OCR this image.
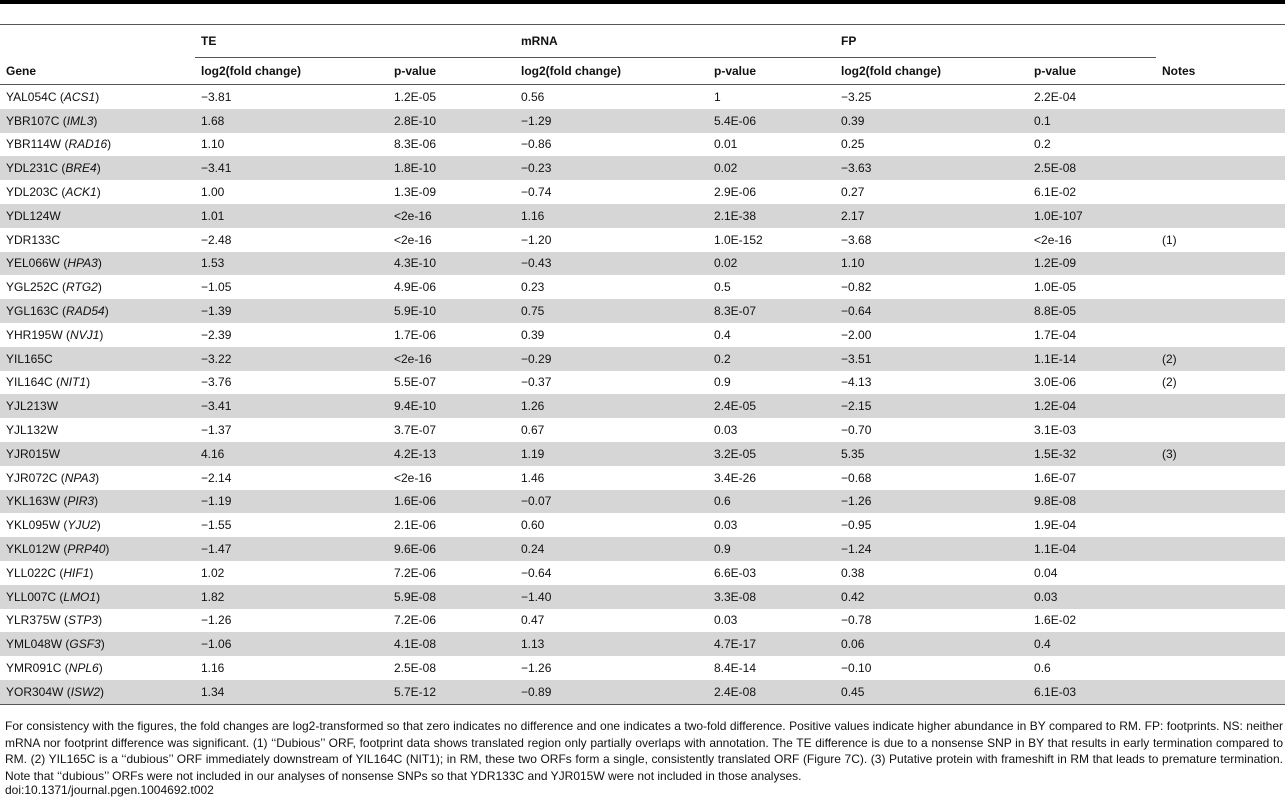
	TE		mRNA		FP		
Gene	log2(fold change)	p-value	log2(fold change)	p-value	log2(fold change)	p-value	Notes
YAL054C (ACS1)	−3.81	1.2E-05	0.56	1	−3.25	2.2E-04	
YBR107C (IML3)	1.68	2.8E-10	−1.29	5.4E-06	0.39	0.1	
YBR114W (RAD16)	1.10	8.3E-06	−0.86	0.01	0.25	0.2	
YDL231C (BRE4)	−3.41	1.8E-10	−0.23	0.02	−3.63	2.5E-08	
YDL203C (ACK1)	1.00	1.3E-09	−0.74	2.9E-06	0.27	6.1E-02	
YDL124W	1.01	<2e-16	1.16	2.1E-38	2.17	1.0E-107	
YDR133C	−2.48	<2e-16	−1.20	1.0E-152	−3.68	<2e-16	(1)
YEL066W (HPA3)	1.53	4.3E-10	−0.43	0.02	1.10	1.2E-09	
YGL252C (RTG2)	−1.05	4.9E-06	0.23	0.5	−0.82	1.0E-05	
YGL163C (RAD54)	−1.39	5.9E-10	0.75	8.3E-07	−0.64	8.8E-05	
YHR195W (NVJ1)	−2.39	1.7E-06	0.39	0.4	−2.00	1.7E-04	
YIL165C	−3.22	<2e-16	−0.29	0.2	−3.51	1.1E-14	(2)
YIL164C (NIT1)	−3.76	5.5E-07	−0.37	0.9	−4.13	3.0E-06	(2)
YJL213W	−3.41	9.4E-10	1.26	2.4E-05	−2.15	1.2E-04	
YJL132W	−1.37	3.7E-07	0.67	0.03	−0.70	3.1E-03	
YJR015W	4.16	4.2E-13	1.19	3.2E-05	5.35	1.5E-32	(3)
YJR072C (NPA3)	−2.14	<2e-16	1.46	3.4E-26	−0.68	1.6E-07	
YKL163W (PIR3)	−1.19	1.6E-06	−0.07	0.6	−1.26	9.8E-08	
YKL095W (YJU2)	−1.55	2.1E-06	0.60	0.03	−0.95	1.9E-04	
YKL012W (PRP40)	−1.47	9.6E-06	0.24	0.9	−1.24	1.1E-04	
YLL022C (HIF1)	1.02	7.2E-06	−0.64	6.6E-03	0.38	0.04	
YLL007C (LMO1)	1.82	5.9E-08	−1.40	3.3E-08	0.42	0.03	
YLR375W (STP3)	−1.26	7.2E-06	0.47	0.03	−0.78	1.6E-02	
YML048W (GSF3)	−1.06	4.1E-08	1.13	4.7E-17	0.06	0.4	
YMR091C (NPL6)	1.16	2.5E-08	−1.26	8.4E-14	−0.10	0.6	
YOR304W (ISW2)	1.34	5.7E-12	−0.89	2.4E-08	0.45	6.1E-03	
For consistency with the figures, the fold changes are log2-transformed so that zero indicates no difference and one indicates a two-fold difference. Positive values indicate higher abundance in BY compared to RM. FP: footprints. NS: neither mRNA nor footprint difference was significant. (1) ‘‘Dubious’’ ORF, footprint data shows translated region only partially overlaps with annotation. The TE difference is due to a nonsense SNP in BY that results in early termination compared to RM. (2) YIL165C is a ‘‘dubious’’ ORF immediately downstream of YIL164C (NIT1); in RM, these two ORFs form a single, consistently translated ORF (Figure 7C). (3) Putative protein with frameshift in RM that leads to premature termination. Note that ‘‘dubious’’ ORFs were not included in our analyses of nonsense SNPs so that YDR133C and YJR015W were not included in those analyses.
doi:10.1371/journal.pgen.1004692.t002
